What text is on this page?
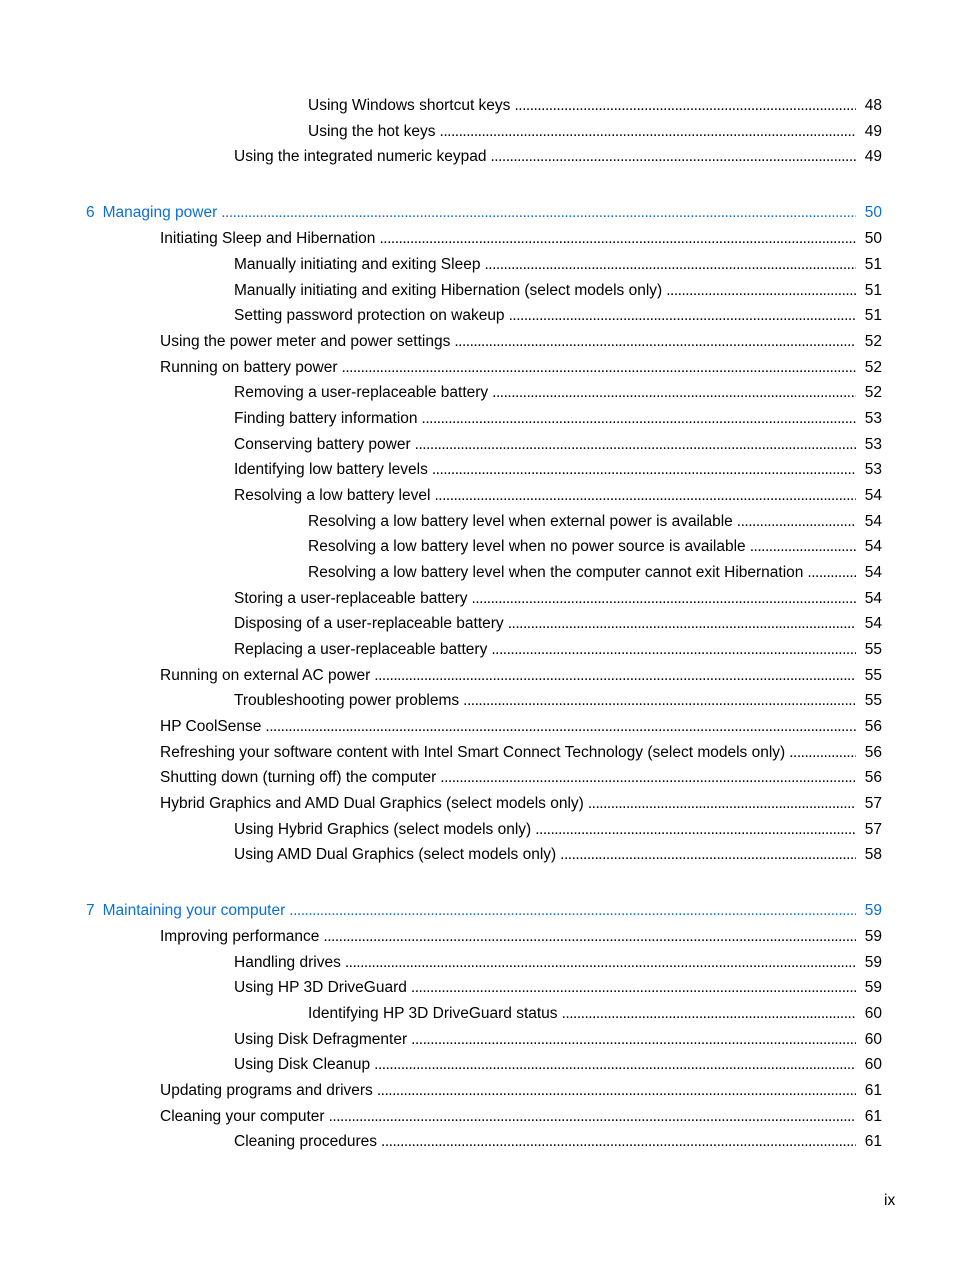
Using Windows shortcut keys . . .	48
Using the hot keys . . .	49
Using the integrated numeric keypad . . .	49
6 Managing power . . .	50
Initiating Sleep and Hibernation . . .	50
Manually initiating and exiting Sleep . . .	51
Manually initiating and exiting Hibernation (select models only) . . .	51
Setting password protection on wakeup . . .	51
Using the power meter and power settings . . .	52
Running on battery power . . .	52
Removing a user-replaceable battery . . .	52
Finding battery information . . .	53
Conserving battery power . . .	53
Identifying low battery levels . . .	53
Resolving a low battery level . . .	54
Resolving a low battery level when external power is available . . .	54
Resolving a low battery level when no power source is available . . .	54
Resolving a low battery level when the computer cannot exit Hibernation . . .	54
Storing a user-replaceable battery . . .	54
Disposing of a user-replaceable battery . . .	54
Replacing a user-replaceable battery . . .	55
Running on external AC power . . .	55
Troubleshooting power problems . . .	55
HP CoolSense . . .	56
Refreshing your software content with Intel Smart Connect Technology (select models only) . . .	56
Shutting down (turning off) the computer . . .	56
Hybrid Graphics and AMD Dual Graphics (select models only) . . .	57
Using Hybrid Graphics (select models only) . . .	57
Using AMD Dual Graphics (select models only) . . .	58
7 Maintaining your computer . . .	59
Improving performance . . .	59
Handling drives . . .	59
Using HP 3D DriveGuard . . .	59
Identifying HP 3D DriveGuard status . . .	60
Using Disk Defragmenter . . .	60
Using Disk Cleanup . . .	60
Updating programs and drivers . . .	61
Cleaning your computer . . .	61
Cleaning procedures . . .	61
ix
